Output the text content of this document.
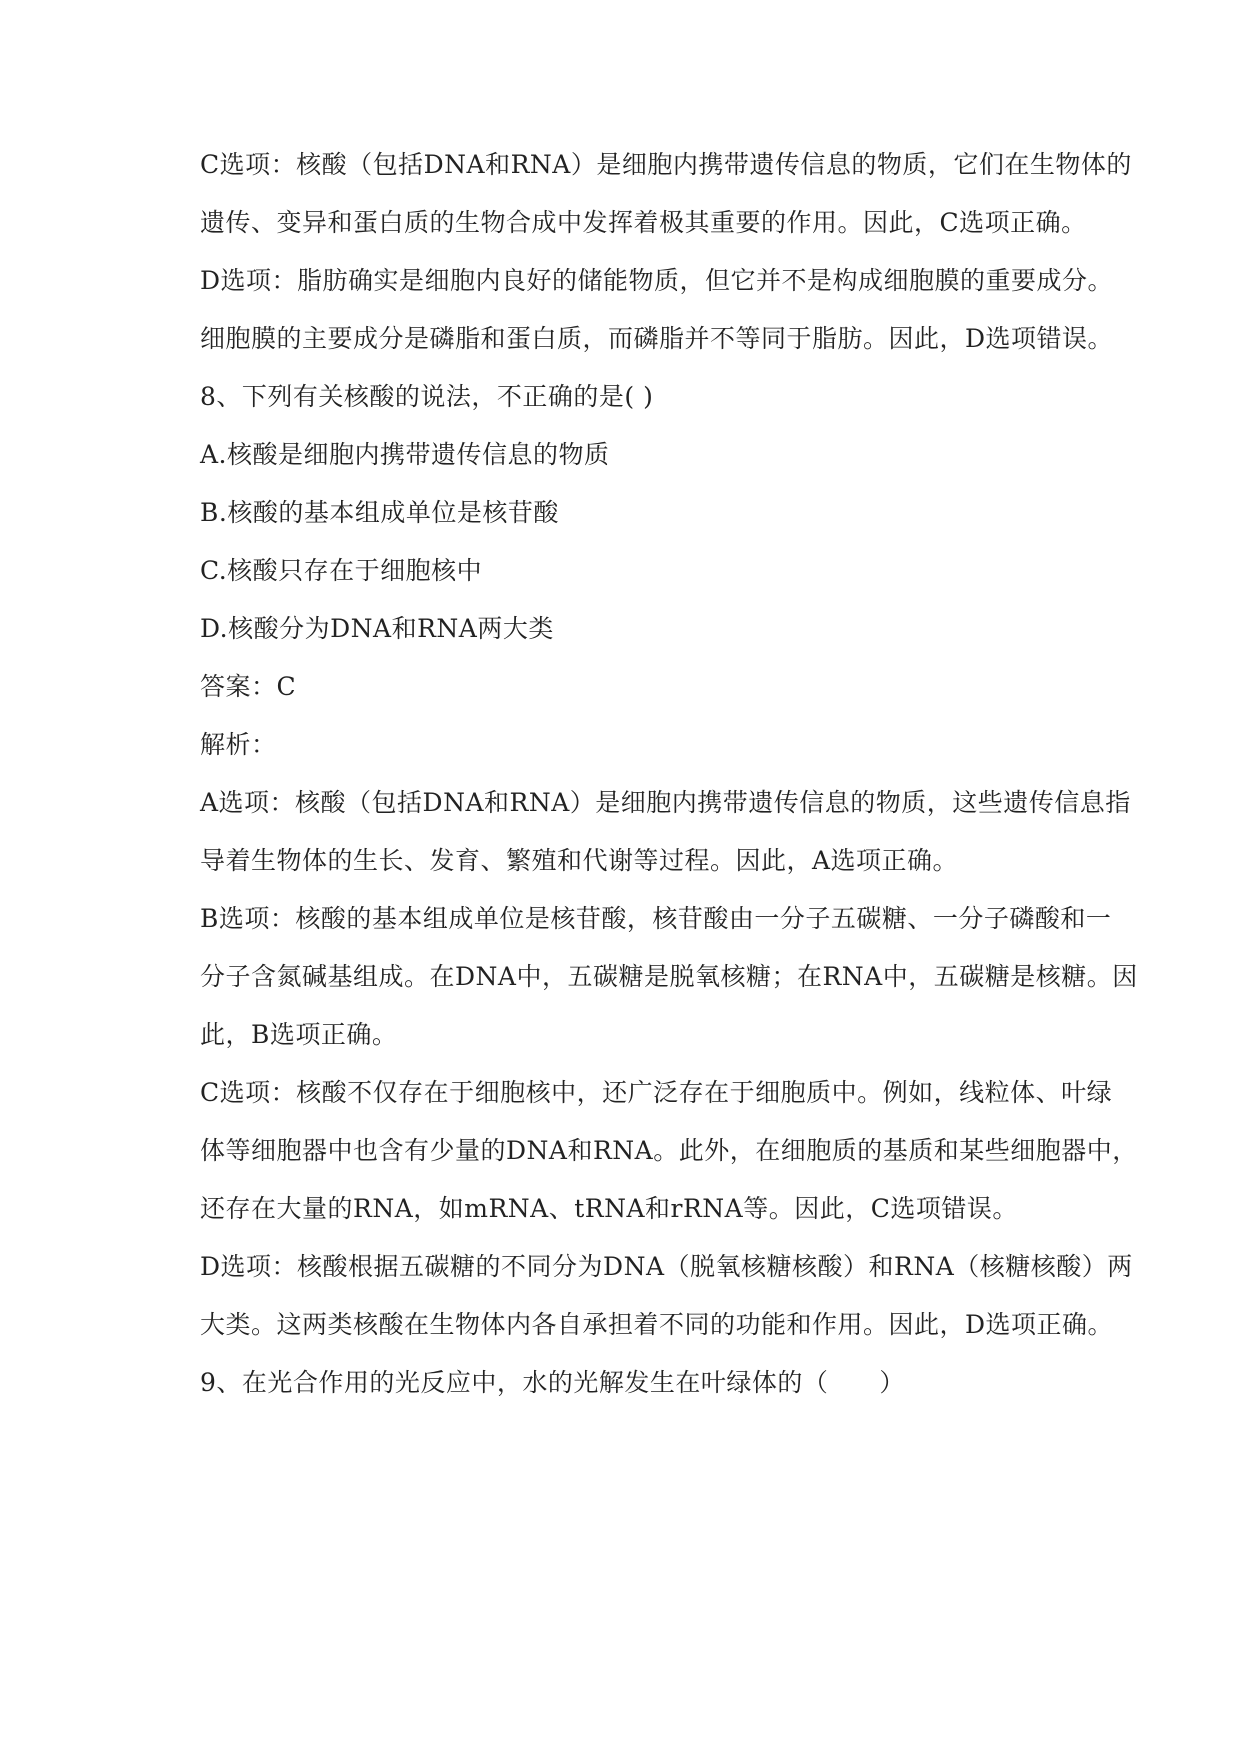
C选项：核酸（包括DNA和RNA）是细胞内携带遗传信息的物质，它们在生物体的
遗传、变异和蛋白质的生物合成中发挥着极其重要的作用。因此，C选项正确。
D选项：脂肪确实是细胞内良好的储能物质，但它并不是构成细胞膜的重要成分。
细胞膜的主要成分是磷脂和蛋白质，而磷脂并不等同于脂肪。因此，D选项错误。
8、下列有关核酸的说法，不正确的是( )
A.核酸是细胞内携带遗传信息的物质
B.核酸的基本组成单位是核苷酸
C.核酸只存在于细胞核中
D.核酸分为DNA和RNA两大类
答案：C
解析：
A选项：核酸（包括DNA和RNA）是细胞内携带遗传信息的物质，这些遗传信息指
导着生物体的生长、发育、繁殖和代谢等过程。因此，A选项正确。
B选项：核酸的基本组成单位是核苷酸，核苷酸由一分子五碳糖、一分子磷酸和一
分子含氮碱基组成。在DNA中，五碳糖是脱氧核糖；在RNA中，五碳糖是核糖。因
此，B选项正确。
C选项：核酸不仅存在于细胞核中，还广泛存在于细胞质中。例如，线粒体、叶绿
体等细胞器中也含有少量的DNA和RNA。此外，在细胞质的基质和某些细胞器中，
还存在大量的RNA，如mRNA、tRNA和rRNA等。因此，C选项错误。
D选项：核酸根据五碳糖的不同分为DNA（脱氧核糖核酸）和RNA（核糖核酸）两
大类。这两类核酸在生物体内各自承担着不同的功能和作用。因此，D选项正确。
9、在光合作用的光反应中，水的光解发生在叶绿体的（　　）
